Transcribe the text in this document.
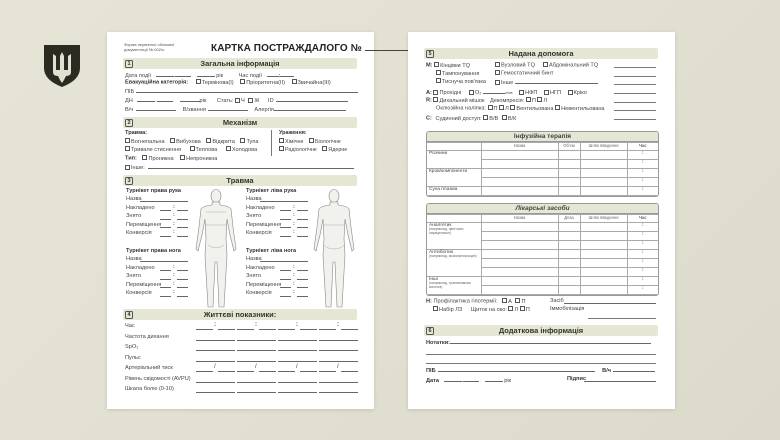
Форма первинної облікової документації № 002/о	КАРТКА ПОСТРАЖДАЛОГО №
1	Загальна інформація
Дата події	.	рік	Час події	:
Евакуаційна категорія: Термінова(I) Пріоритетна(II) Звичайна(III)
ПІБ
ДН	.	рік Стать: Ч Ж ID
В/ч	В/звання	Алергія
2	Механізм
Травма:
Вогнепальна Вибухова Відкрита Тупа
Тривале стиснення	Теплова	Холодова
Ураження:
Хімічне Біологічне
Радіологічне Ядерне
Тип: Проникна Непроникна
Інше:
3	Травма
Турнікет права рука
Назва
Накладено	:
Знято	:
Переміщення :
Конверсія	:
Турнікет права нога
Назва
Накладено	:
Знято	:
Переміщення :
Конверсія	:
Турнікет ліва рука
Назва
Накладено	:
Знято	:
Переміщення :
Конверсія	:
Турнікет ліва нога
Назва
Накладено	:
Знято	:
Переміщення :
Конверсія	:
4	Життєві показники:
Час	:	:	:	:
Частота дихання
SpO₂
Пульс
Артеріальний тиск	/	/	/	/
Рівень свідомості (AVPU)
Шкала болю (0-10)
5	Надана допомога
M: Кінцівки TQ	Вузловий TQ	Абдомінальний TQ
Тампонування	Гемостатичний бинт
Тиснуча пов'язка	Інше
A: Прохідні O₂	л/хв НФП НГП Кріко
R: Дихальний мішок Декомпресія: П Л
Оклюзійна наліпка: П Л Вентильована Невентильована
C: Судинний доступ: В/В В/К
Інфузійна терапія
	Назва	Об'єм	Шлях введення	Час
Розчини				:
				:
Кров/компоненти				:
				:
Суха плазма				:
Лікарські засоби
	Назва	Доза	Шлях введення	Час
Аналгетик
(наприклад, фентаніл, парацетамол)				:
				:
				:
Антибіотик
(наприклад, моксифлоксацин)				:
				:
				:
Інші
(наприклад, транексамова кислота)				:
				:
H: Профілактика гіпотермії: А П	Засіб
Набір ЛЗ Щиток на око: Л П	Іммобілізація
6	Додаткова інформація
Нотатки:
ПІБ	В/ч
Дата	.	рік	Підпис
